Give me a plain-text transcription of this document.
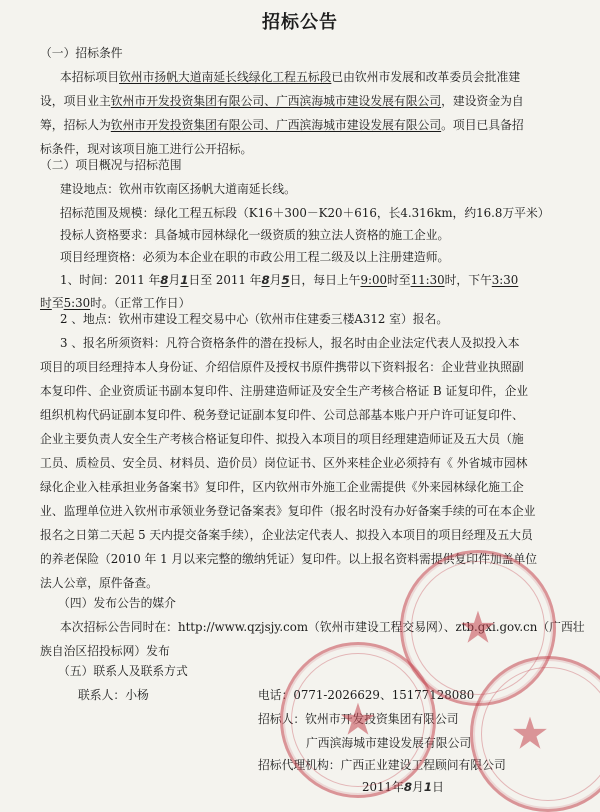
招标公告
（一）招标条件
本招标项目钦州市扬帆大道南延长线绿化工程五标段已由钦州市发展和改革委员会批准建
设，项目业主钦州市开发投资集团有限公司、广西滨海城市建设发展有限公司，建设资金为自
筹，招标人为钦州市开发投资集团有限公司、广西滨海城市建设发展有限公司。项目已具备招
标条件，现对该项目施工进行公开招标。
（二）项目概况与招标范围
建设地点：钦州市钦南区扬帆大道南延长线。
招标范围及规模：绿化工程五标段（K16＋300－K20＋616，长4.316km，约16.8万平米）
投标人资格要求：具备城市园林绿化一级资质的独立法人资格的施工企业。
项目经理资格：必须为本企业在职的市政公用工程二级及以上注册建造师。
1、时间：2011 年8月1日至 2011 年8月5日，每日上午9:00时至11:30时，下午3:30
时至5:30时。（正常工作日）
2 、地点：钦州市建设工程交易中心（钦州市住建委三楼A312 室）报名。
3 、报名所须资料：凡符合资格条件的潜在投标人，报名时由企业法定代表人及拟投入本
项目的项目经理持本人身份证、介绍信原件及授权书原件携带以下资料报名：企业营业执照副
本复印件、企业资质证书副本复印件、注册建造师证及安全生产考核合格证 B 证复印件，企业
组织机构代码证副本复印件、税务登记证副本复印件、公司总部基本账户开户许可证复印件、
企业主要负责人安全生产考核合格证复印件、拟投入本项目的项目经理建造师证及五大员（施
工员、质检员、安全员、材料员、造价员）岗位证书、区外来桂企业必须持有《 外省城市园林
绿化企业入桂承担业务备案书》复印件，区内钦州市外施工企业需提供《外来园林绿化施工企
业、监理单位进入钦州市承领业务登记备案表》复印件（报名时没有办好备案手续的可在本企业
报名之日第二天起 5 天内提交备案手续），企业法定代表人、拟投入本项目的项目经理及五大员
的养老保险（2010 年 1 月以来完整的缴纳凭证）复印件。以上报名资料需提供复印件加盖单位
法人公章，原件备查。
（四）发布公告的媒介
本次招标公告同时在：http://www.qzjsjy.com（钦州市建设工程交易网）、ztb.gxi.gov.cn（广西壮
族自治区招投标网）发布
（五）联系人及联系方式
联系人：小杨	电话：0771-2026629、15177128080
招标人：钦州市开发投资集团有限公司
广西滨海城市建设发展有限公司
招标代理机构：广西正业建设工程顾问有限公司
2011年8月1日
★
★	★
